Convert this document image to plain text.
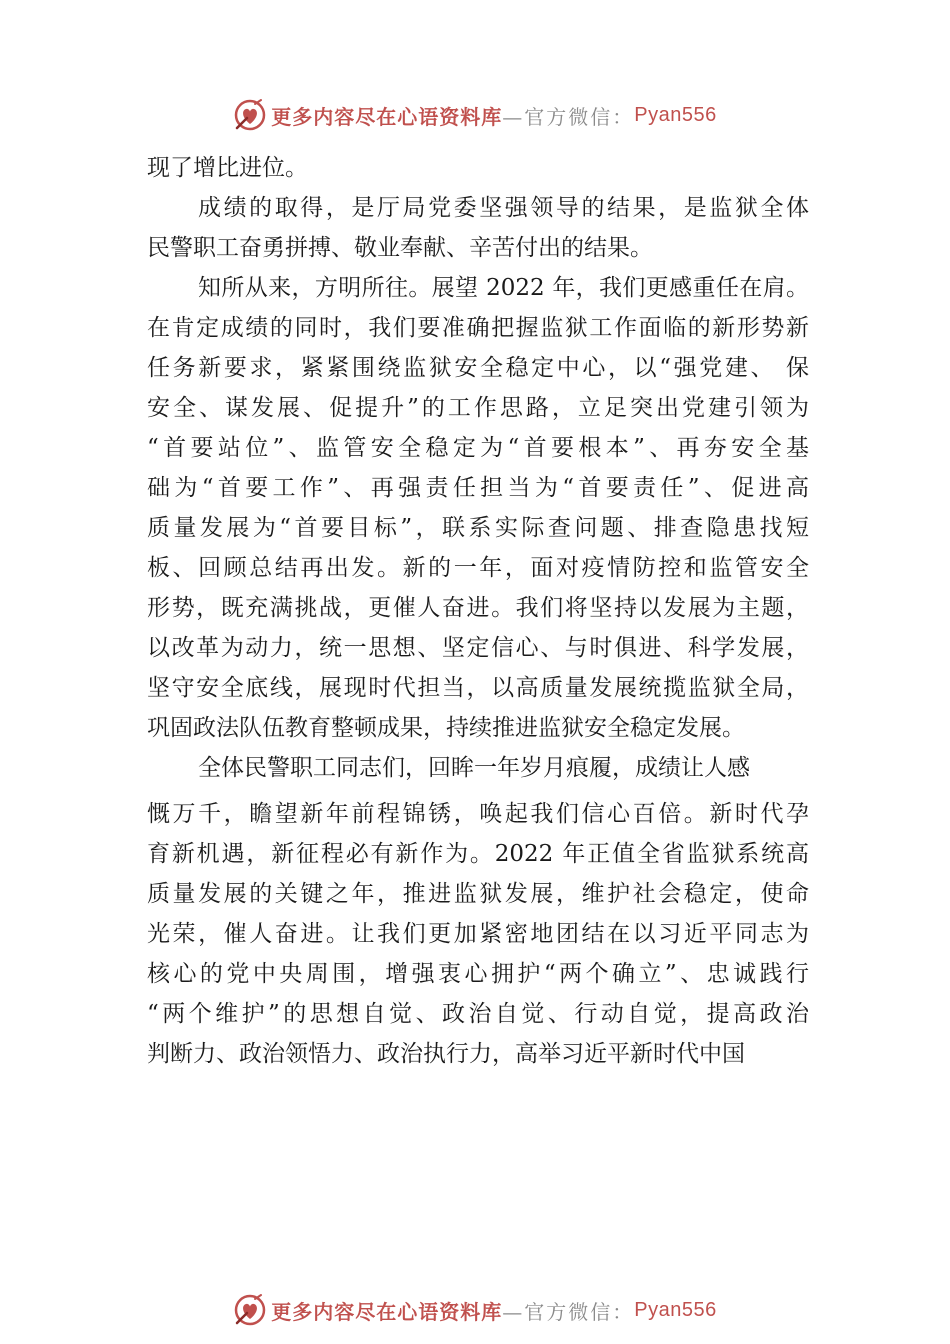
更多内容尽在心语资料库 —官方微信： Pyan556
现了增比进位。
成绩的取得，是厅局党委坚强领导的结果，是监狱全体
民警职工奋勇拼搏、敬业奉献、辛苦付出的结果。
知所从来，方明所往。展望 2022 年，我们更感重任在肩。
在肯定成绩的同时，我们要准确把握监狱工作面临的新形势新
任务新要求，紧紧围绕监狱安全稳定中心，以“强党建、 保
安全、谋发展、促提升”的工作思路，立足突出党建引领为
“首要站位”、监管安全稳定为“首要根本”、再夯安全基
础为“首要工作”、再强责任担当为“首要责任”、促进高
质量发展为“首要目标”，联系实际查问题、排查隐患找短
板、回顾总结再出发。新的一年，面对疫情防控和监管安全
形势，既充满挑战，更催人奋进。我们将坚持以发展为主题，
以改革为动力，统一思想、坚定信心、与时俱进、科学发展，
坚守安全底线，展现时代担当，以高质量发展统揽监狱全局，
巩固政法队伍教育整顿成果，持续推进监狱安全稳定发展。
全体民警职工同志们，回眸一年岁月痕履，成绩让人感
慨万千，瞻望新年前程锦锈，唤起我们信心百倍。新时代孕
育新机遇，新征程必有新作为。2022 年正值全省监狱系统高
质量发展的关键之年，推进监狱发展，维护社会稳定，使命
光荣，催人奋进。让我们更加紧密地团结在以习近平同志为
核心的党中央周围，增强衷心拥护“两个确立”、忠诚践行
“两个维护”的思想自觉、政治自觉、行动自觉，提高政治
判断力、政治领悟力、政治执行力，高举习近平新时代中国
更多内容尽在心语资料库 —官方微信： Pyan556
